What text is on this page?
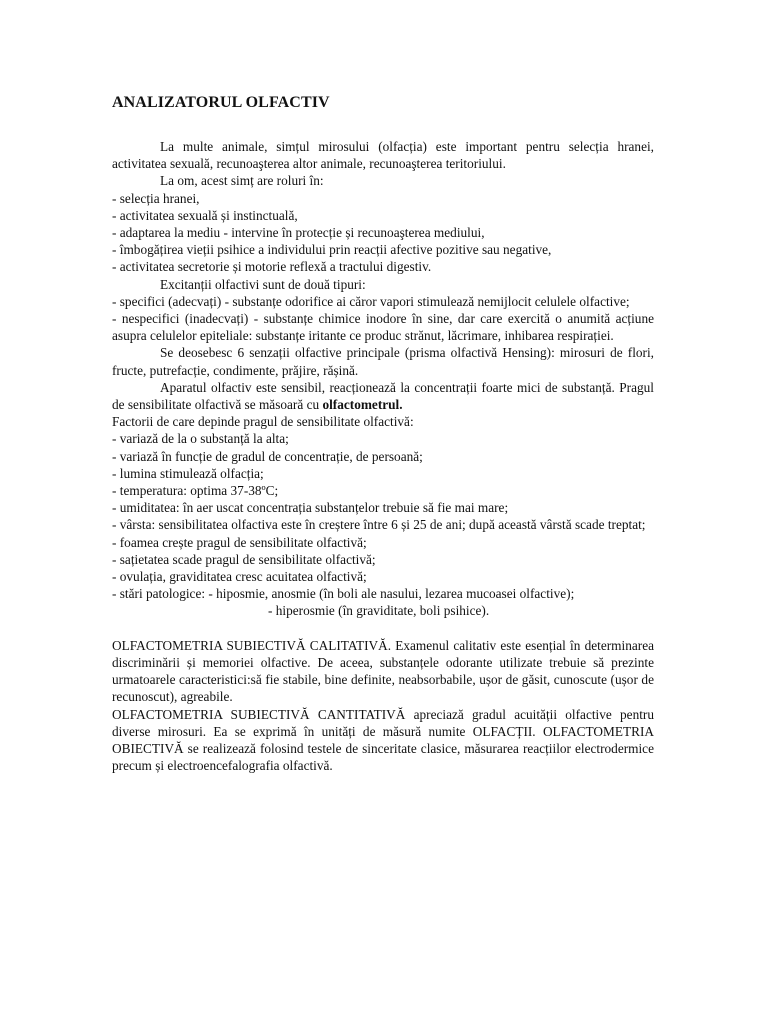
ANALIZATORUL OLFACTIV

La multe animale, simțul mirosului (olfacția) este important pentru selecția hranei, activitatea sexuală, recunoaşterea altor animale, recunoaşterea teritoriului.

La om, acest simț are roluri în:

- selecția hranei,

- activitatea sexuală și instinctuală,

- adaptarea la mediu - intervine în protecție și recunoaşterea mediului,

- îmbogățirea vieții psihice a individului prin reacții afective pozitive sau negative,

- activitatea secretorie și motorie reflexă a tractului digestiv.

Excitanții olfactivi sunt de două tipuri:

- specifici (adecvați) - substanțe odorifice ai căror vapori stimulează nemijlocit celulele olfactive;

- nespecifici (inadecvați) - substanțe chimice inodore în sine, dar care exercită o anumită acțiune asupra celulelor epiteliale: substanțe iritante ce produc strănut, lăcrimare, inhibarea respirației.

Se deosebesc 6 senzații olfactive principale (prisma olfactivă Hensing): mirosuri de flori, fructe, putrefacție, condimente, prăjire, rășină.

Aparatul olfactiv este sensibil, reacționează la concentrații foarte mici de substanță. Pragul de sensibilitate olfactivă se măsoară cu olfactometrul.

Factorii de care depinde pragul de sensibilitate olfactivă:

- variază de la o substanță la alta;

- variază în funcție de gradul de concentrație, de persoană;

- lumina stimulează olfacția;

- temperatura: optima 37-38ºC;

- umiditatea: în aer uscat concentrația substanțelor trebuie să fie mai mare;

- vârsta: sensibilitatea olfactiva este în creștere între 6 și 25 de ani; după această vârstă scade treptat;

- foamea crește pragul de sensibilitate olfactivă;

- sațietatea scade pragul de sensibilitate olfactivă;

- ovulația, graviditatea cresc acuitatea olfactivă;

- stări patologice: - hiposmie, anosmie (în boli ale nasului, lezarea mucoasei olfactive);

- hiperosmie (în graviditate, boli psihice).

OLFACTOMETRIA SUBIECTIVĂ CALITATIVĂ. Examenul calitativ este esențial în determinarea discriminării și memoriei olfactive. De aceea, substanțele odorante utilizate trebuie să prezinte urmatoarele caracteristici:să fie stabile, bine definite, neabsorbabile, ușor de găsit, cunoscute (ușor de recunoscut), agreabile.

OLFACTOMETRIA SUBIECTIVĂ CANTITATIVĂ apreciază gradul acuității olfactive pentru diverse mirosuri. Ea se exprimă în unități de măsură numite OLFACȚII. OLFACTOMETRIA OBIECTIVĂ se realizează folosind testele de sinceritate clasice, măsurarea reacțiilor electrodermice precum și electroencefalografia olfactivă.
